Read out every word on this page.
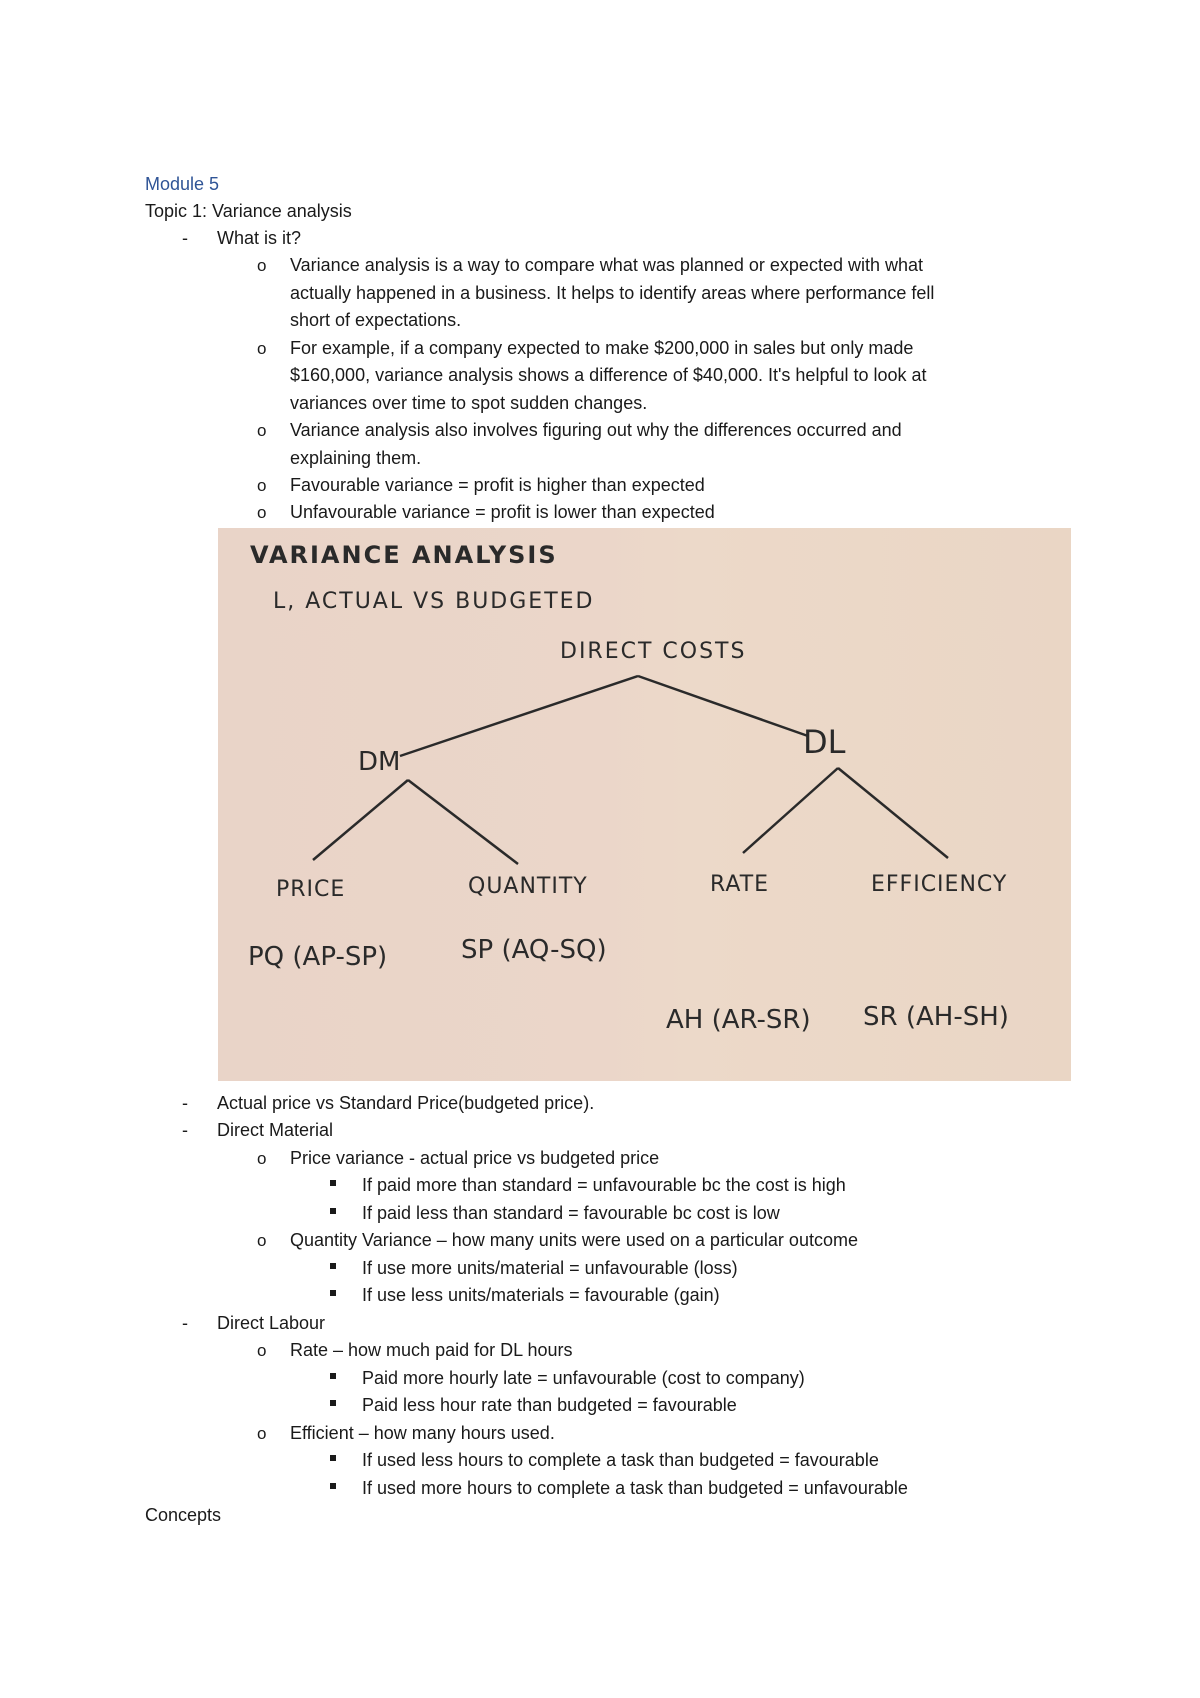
Module 5
Topic 1: Variance analysis
- What is it?
o Variance analysis is a way to compare what was planned or expected with what
actually happened in a business. It helps to identify areas where performance fell
short of expectations.
o For example, if a company expected to make $200,000 in sales but only made
$160,000, variance analysis shows a difference of $40,000. It's helpful to look at
variances over time to spot sudden changes.
o Variance analysis also involves figuring out why the differences occurred and
explaining them.
o Favourable variance = profit is higher than expected
o Unfavourable variance = profit is lower than expected
VARIANCE ANALYSIS
L, ACTUAL VS BUDGETED
DIRECT COSTS
DM
DL
PRICE	QUANTITY	RATE	EFFICIENCY
PQ (AP-SP)	SP (AQ-SQ)
AH (AR-SR) SR (AH-SH)
- Actual price vs Standard Price(budgeted price).
- Direct Material
o Price variance - actual price vs budgeted price
If paid more than standard = unfavourable bc the cost is high
If paid less than standard = favourable bc cost is low
o Quantity Variance – how many units were used on a particular outcome
If use more units/material = unfavourable (loss)
If use less units/materials = favourable (gain)
- Direct Labour
o Rate – how much paid for DL hours
Paid more hourly late = unfavourable (cost to company)
Paid less hour rate than budgeted = favourable
o Efficient – how many hours used.
If used less hours to complete a task than budgeted = favourable
If used more hours to complete a task than budgeted = unfavourable
Concepts
